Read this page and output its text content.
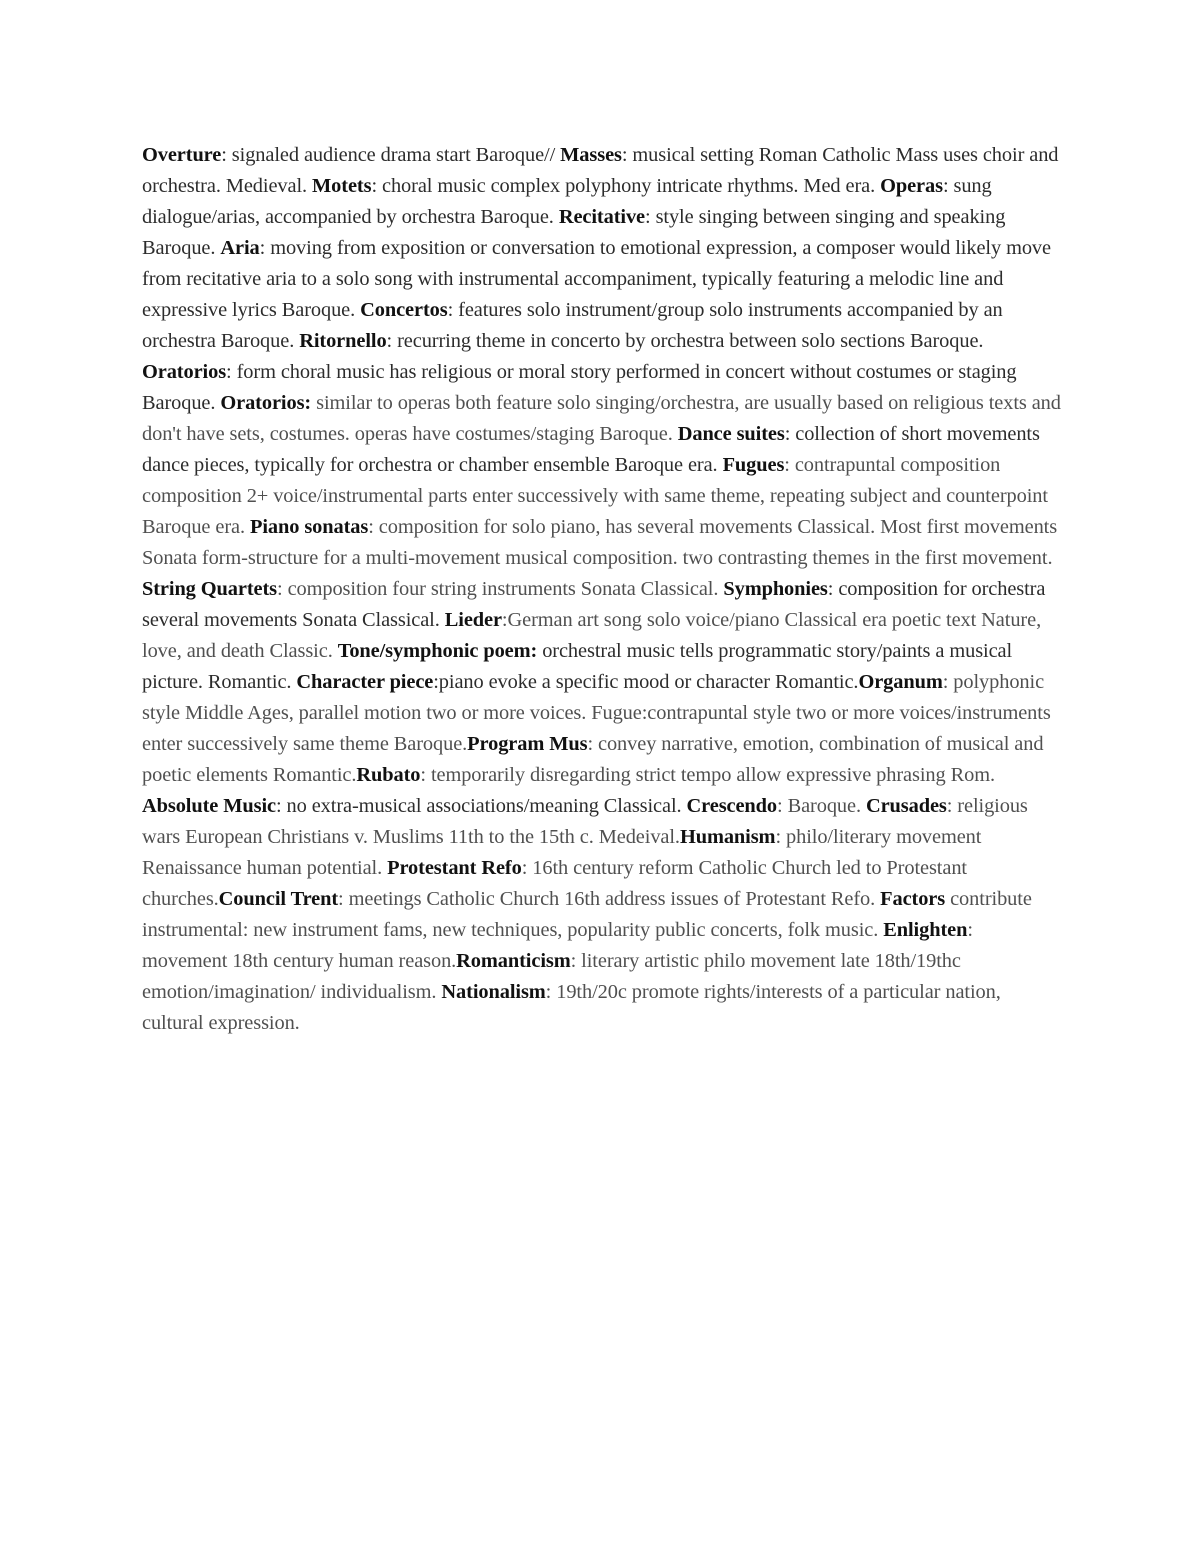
Overture: signaled audience drama start Baroque// Masses: musical setting Roman Catholic Mass uses choir and orchestra. Medieval. Motets: choral music complex polyphony intricate rhythms. Med era. Operas: sung dialogue/arias, accompanied by orchestra Baroque. Recitative: style singing between singing and speaking Baroque. Aria: moving from exposition or conversation to emotional expression, a composer would likely move from recitative aria to a solo song with instrumental accompaniment, typically featuring a melodic line and expressive lyrics Baroque. Concertos: features solo instrument/group solo instruments accompanied by an orchestra Baroque. Ritornello: recurring theme in concerto by orchestra between solo sections Baroque. Oratorios: form choral music has religious or moral story performed in concert without costumes or staging Baroque. Oratorios: similar to operas both feature solo singing/orchestra, are usually based on religious texts and don't have sets, costumes. operas have costumes/staging Baroque. Dance suites: collection of short movements dance pieces, typically for orchestra or chamber ensemble Baroque era. Fugues: contrapuntal composition composition 2+ voice/instrumental parts enter successively with same theme, repeating subject and counterpoint Baroque era. Piano sonatas: composition for solo piano, has several movements Classical. Most first movements Sonata form-structure for a multi-movement musical composition. two contrasting themes in the first movement. String Quartets: composition four string instruments Sonata Classical. Symphonies: composition for orchestra several movements Sonata Classical. Lieder:German art song solo voice/piano Classical era poetic text Nature, love, and death Classic. Tone/symphonic poem: orchestral music tells programmatic story/paints a musical picture. Romantic. Character piece:piano evoke a specific mood or character Romantic.Organum: polyphonic style Middle Ages, parallel motion two or more voices. Fugue:contrapuntal style two or more voices/instruments enter successively same theme Baroque.Program Mus: convey narrative, emotion, combination of musical and poetic elements Romantic.Rubato: temporarily disregarding strict tempo allow expressive phrasing Rom. Absolute Music: no extra-musical associations/meaning Classical. Crescendo: Baroque. Crusades: religious wars European Christians v. Muslims 11th to the 15th c. Medeival.Humanism: philo/literary movement Renaissance human potential. Protestant Refo: 16th century reform Catholic Church led to Protestant churches.Council Trent: meetings Catholic Church 16th address issues of Protestant Refo. Factors contribute instrumental: new instrument fams, new techniques, popularity public concerts, folk music. Enlighten: movement 18th century human reason.Romanticism: literary artistic philo movement late 18th/19thc emotion/imagination/ individualism. Nationalism: 19th/20c promote rights/interests of a particular nation, cultural expression.
